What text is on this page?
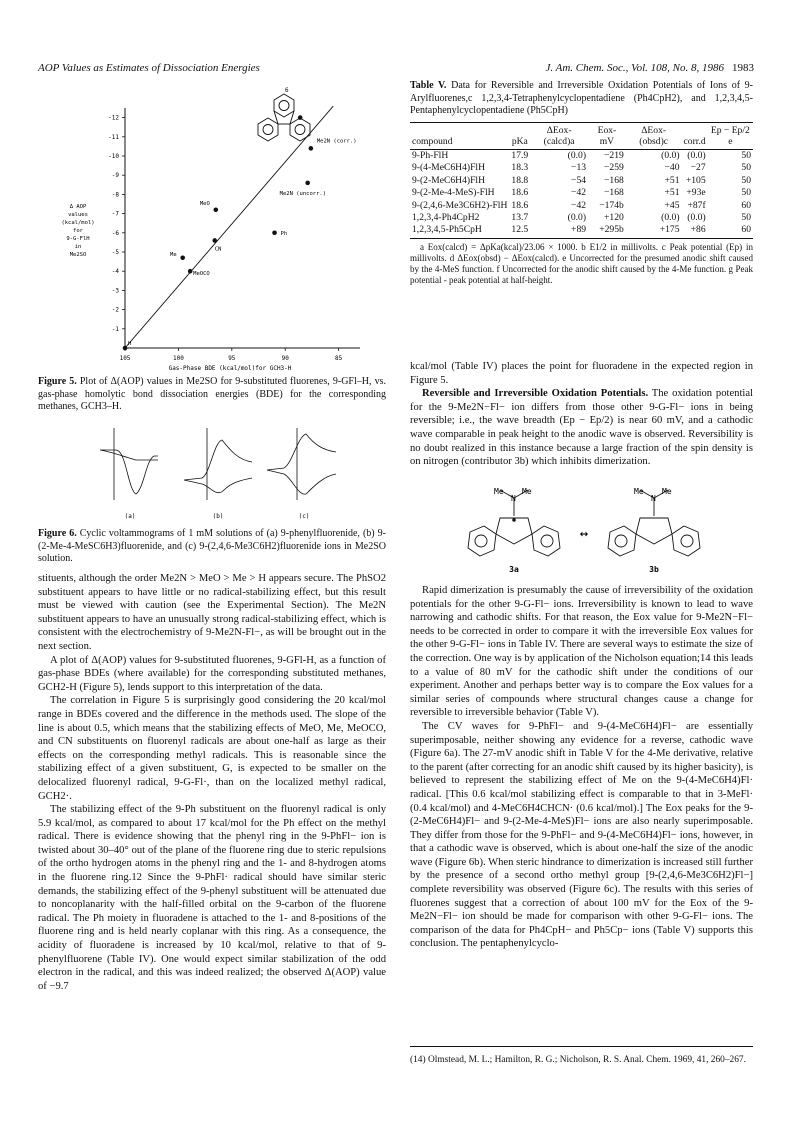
AOP Values as Estimates of Dissociation Energies	J. Am. Chem. Soc., Vol. 108, No. 8, 1986 1983
-1
-2
-3
-4
-5
-6
-7
-8
-9
-10
-11
-12
105	100	95	90	85
H
MeOCO
Me
MeO
CN
Ph
Me2N (uncorr.)
Me2N (corr.)
6
Δ AOP
values
(kcal/mol)
for
9-G-FlH
in
Me2SO
Gas-Phase BDE (kcal/mol)for GCH3-H
Figure 5. Plot of Δ(AOP) values in Me2SO for 9-substituted fluorenes, 9-GFl–H, vs. gas-phase homolytic bond dissociation energies (BDE) for the corresponding methanes, GCH3–H.
(a)	(b)	(c)
Figure 6. Cyclic voltammograms of 1 mM solutions of (a) 9-phenylfluorenide, (b) 9-(2-Me-4-MeSC6H3)fluorenide, and (c) 9-(2,4,6-Me3C6H2)fluorenide ions in Me2SO solution.

stituents, although the order Me2N > MeO > Me > H appears secure. The PhSO2 substituent appears to have little or no radical-stabilizing effect, but this result must be viewed with caution (see the Experimental Section). The Me2N substituent appears to have an unusually strong radical-stabilizing effect, which is consistent with the electrochemistry of 9-Me2N-Fl−, as will be brought out in the next section.

A plot of Δ(AOP) values for 9-substituted fluorenes, 9-GFl-H, as a function of gas-phase BDEs (where available) for the corresponding substituted methanes, GCH2-H (Figure 5), lends support to this interpretation of the data.

The correlation in Figure 5 is surprisingly good considering the 20 kcal/mol range in BDEs covered and the difference in the methods used. The slope of the line is about 0.5, which means that the stabilizing effects of MeO, Me, MeOCO, and CN substituents on fluorenyl radicals are about one-half as large as their effects on the corresponding methyl radicals. This is reasonable since the stabilizing effect of a given substituent, G, is expected to be smaller on the delocalized fluorenyl radical, 9-G-Fl·, than on the localized methyl radical, GCH2·.

The stabilizing effect of the 9-Ph substituent on the fluorenyl radical is only 5.9 kcal/mol, as compared to about 17 kcal/mol for the Ph effect on the methyl radical. There is evidence showing that the phenyl ring in the 9-PhFl− ion is twisted about 30–40° out of the plane of the fluorene ring due to steric repulsions of the ortho hydrogen atoms in the phenyl ring and the 1- and 8-hydrogen atoms in the fluorene ring.12 Since the 9-PhFl· radical should have similar steric demands, the stabilizing effect of the 9-phenyl substituent will be attenuated due to noncoplanarity with the half-filled orbital on the 9-carbon of the fluorene radical. The Ph moiety in fluoradene is attached to the 1- and 8-positions of the fluorene ring and is held nearly coplanar with this ring. As a consequence, the acidity of fluoradene is increased by 10 kcal/mol, relative to that of 9-phenylfluorene (Table IV). One would expect similar stabilization of the odd electron in the radical, and this was indeed realized; the observed Δ(AOP) value of −9.7

Table V. Data for Reversible and Irreversible Oxidation Potentials of Ions of 9-Arylfluorenes,c 1,2,3,4-Tetraphenylcyclopentadiene (Ph4CpH2), and 1,2,3,4,5-Pentaphenylcyclopentadiene (Ph5CpH)
compound	pKa	ΔEox- (calcd)a	Eox- mV	ΔEox- (obsd)c	corr.d	Ep − Ep/2 e
9-Ph-FlH	17.9	(0.0)	−219	(0.0)	(0.0)	50
9-(4-MeC6H4)FlH	18.3	−13	−259	−40	−27	50
9-(2-MeC6H4)FlH	18.8	−54	−168	+51	+105	50
9-(2-Me-4-MeS)-FlH	18.6	−42	−168	+51	+93e	50
9-(2,4,6-Me3C6H2)-FlH	18.6	−42	−174b	+45	+87f	60
1,2,3,4-Ph4CpH2	13.7	(0.0)	+120	(0.0)	(0.0)	50
1,2,3,4,5-Ph5CpH	12.5	+89	+295b	+175	+86	60
a Eox(calcd) = ΔpKa(kcal)/23.06 × 1000. b E1/2 in millivolts. c Peak potential (Ep) in millivolts. d ΔEox(obsd) − ΔEox(calcd). e Uncorrected for the presumed anodic shift caused by the 4-MeS function. f Uncorrected for the anodic shift caused by the 4-Me function. g Peak potential - peak potential at half-height.

kcal/mol (Table IV) places the point for fluoradene in the expected region in Figure 5.

Reversible and Irreversible Oxidation Potentials. The oxidation potential for the 9-Me2N−Fl− ion differs from those other 9-G-Fl− ions in being reversible; i.e., the wave breadth (Ep − Ep/2) is near 60 mV, and a cathodic wave comparable in peak height to the anodic wave is observed. Reversibility is no doubt realized in this instance because a large fraction of the spin density is on nitrogen (contributor 3b) which inhibits dimerization.

Me
N
Me
↔
Me
N
Me
3a	3b

Rapid dimerization is presumably the cause of irreversibility of the oxidation potentials for the other 9-G-Fl− ions. Irreversibility is known to lead to wave narrowing and cathodic shifts. For that reason, the Eox value for 9-Me2N−Fl− needs to be corrected in order to compare it with the irreversible Eox values for the other 9-G-Fl− ions in Table IV. There are several ways to estimate the size of the correction. One way is by application of the Nicholson equation;14 this leads to a value of 80 mV for the cathodic shift under the conditions of our experiment. Another and perhaps better way is to compare the Eox values for a similar series of compounds where structural changes cause a change for reversible to irreversible behavior (Table V).

The CV waves for 9-PhFl− and 9-(4-MeC6H4)Fl− are essentially superimposable, neither showing any evidence for a reverse, cathodic wave (Figure 6a). The 27-mV anodic shift in Table V for the 4-Me derivative, relative to the parent (after correcting for an anodic shift caused by its higher basicity), is believed to represent the stabilizing effect of Me on the 9-(4-MeC6H4)Fl· radical. [This 0.6 kcal/mol stabilizing effect is comparable to that in 3-MeFl· (0.4 kcal/mol) and 4-MeC6H4CHCN· (0.6 kcal/mol).] The Eox peaks for the 9-(2-MeC6H4)Fl− and 9-(2-Me-4-MeS)Fl− ions are also nearly superimposable. They differ from those for the 9-PhFl− and 9-(4-MeC6H4)Fl− ions, however, in that a cathodic wave is observed, which is about one-half the size of the anodic wave (Figure 6b). When steric hindrance to dimerization is increased still further by the presence of a second ortho methyl group [9-(2,4,6-Me3C6H2)Fl−] complete reversibility was observed (Figure 6c). The results with this series of fluorenes suggest that a correction of about 100 mV for the Eox of the 9-Me2N−Fl− ion should be made for comparison with other 9-G-Fl− ions. The comparison of the data for Ph4CpH− and Ph5Cp− ions (Table V) supports this conclusion. The pentaphenylcyclo-

(14) Olmstead, M. L.; Hamilton, R. G.; Nicholson, R. S. Anal. Chem. 1969, 41, 260–267.
